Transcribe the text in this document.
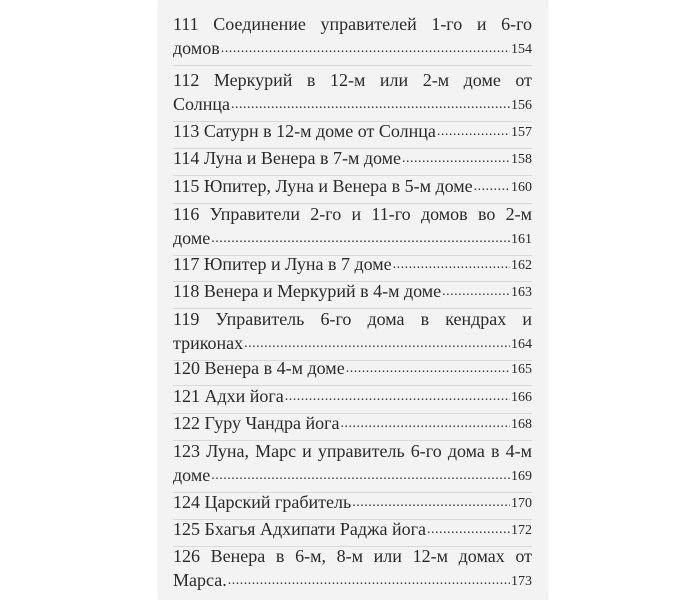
111 Соединение управителей 1-го и 6-го
домов .....	154
112 Меркурий в 12-м или 2-м доме от
Солнца .....	156
113 Сатурн в 12-м доме от Солнца .....	157
114 Луна и Венера в 7-м доме .....	158
115 Юпитер, Луна и Венера в 5-м доме .....	160
116 Управители 2-го и 11-го домов во 2-м
доме .....	161
117 Юпитер и Луна в 7 доме .....	162
118 Венера и Меркурий в 4-м доме .....	163
119 Управитель 6-го дома в кендрах и
триконах .....	164
120 Венера в 4-м доме .....	165
121 Адхи йога .....	166
122 Гуру Чандра йога .....	168
123 Луна, Марс и управитель 6-го дома в 4-м
доме .....	169
124 Царский грабитель .....	170
125 Бхагья Адхипати Раджа йога .....	172
126 Венера в 6-м, 8-м или 12-м домах от
Марса. .....	173
